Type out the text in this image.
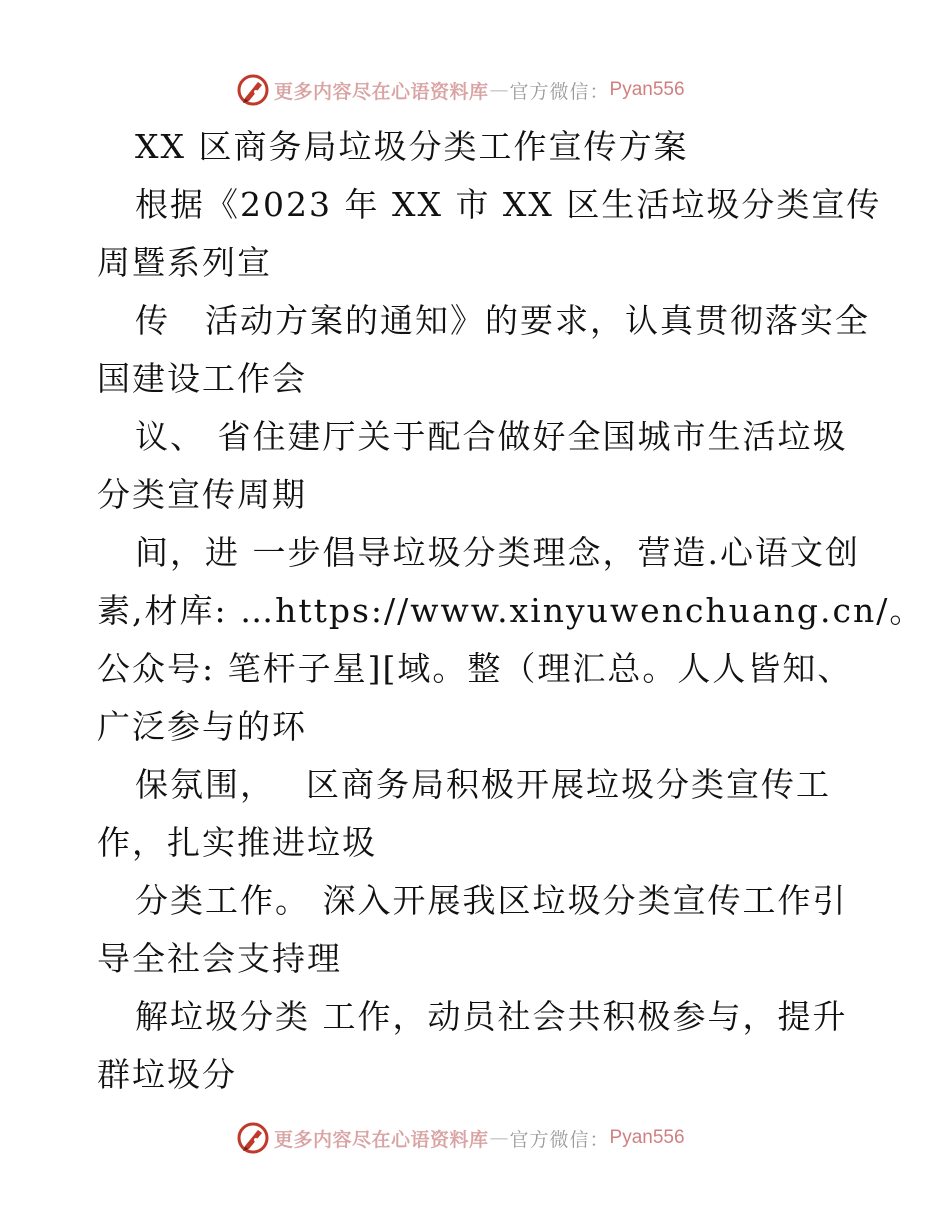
更多内容尽在心语资料库 — 官方微信： Pyan556
XX 区商务局垃圾分类工作宣传方案
根据《2023 年 XX 市 XX 区生活垃圾分类宣传
周暨系列宣
传　活动方案的通知》的要求，认真贯彻落实全
国建设工作会
议、 省住建厅关于配合做好全国城市生活垃圾
分类宣传周期
间，进 一步倡导垃圾分类理念，营造.心语文创
素,材库: …https://www.xinyuwenchuang.cn/。
公众号: 笔杆子星][域。整（理汇总。人人皆知、
广泛参与的环
保氛围，　 区商务局积极开展垃圾分类宣传工
作，扎实推进垃圾
分类工作。 深入开展我区垃圾分类宣传工作引
导全社会支持理
解垃圾分类 工作，动员社会共积极参与，提升
群垃圾分
更多内容尽在心语资料库 — 官方微信： Pyan556
